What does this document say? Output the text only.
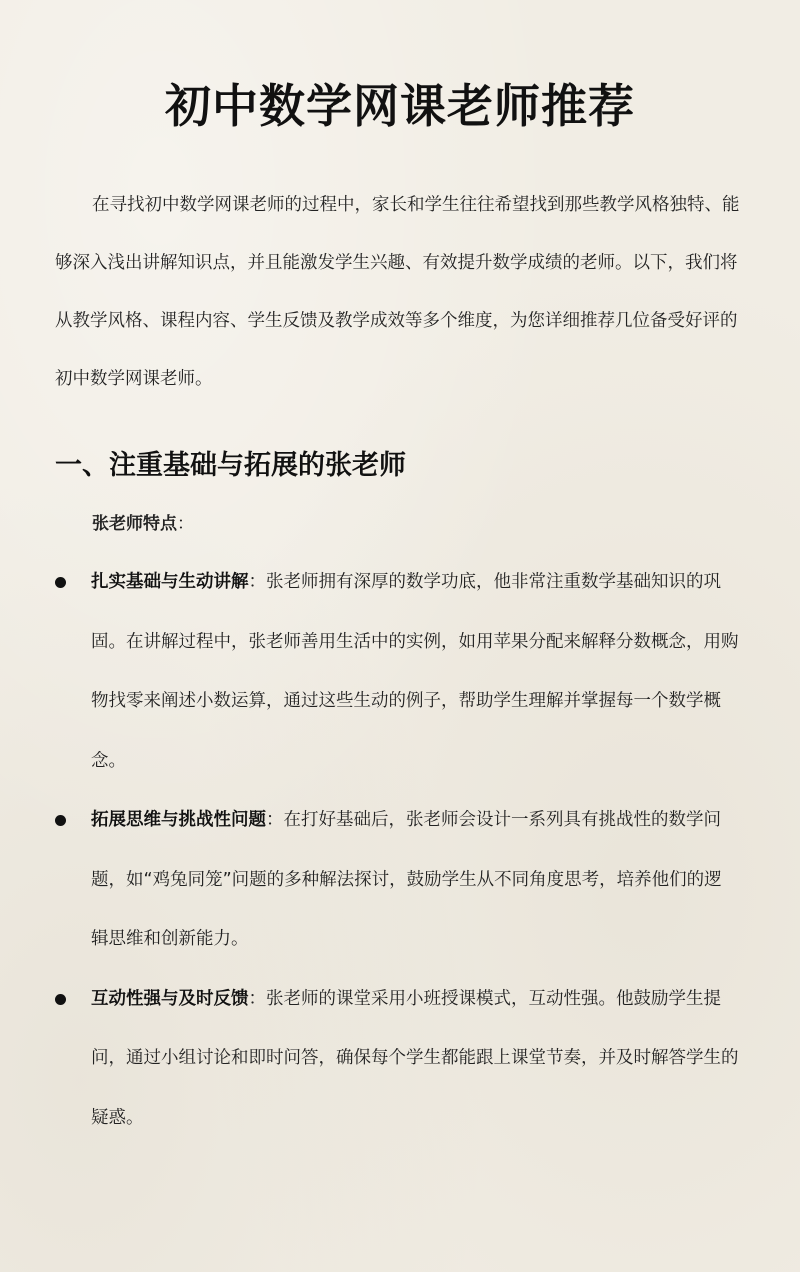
初中数学网课老师推荐

在寻找初中数学网课老师的过程中，家长和学生往往希望找到那些教学风格独特、能够深入浅出讲解知识点，并且能激发学生兴趣、有效提升数学成绩的老师。以下，我们将从教学风格、课程内容、学生反馈及教学成效等多个维度，为您详细推荐几位备受好评的初中数学网课老师。

一、注重基础与拓展的张老师

张老师特点：

扎实基础与生动讲解：张老师拥有深厚的数学功底，他非常注重数学基础知识的巩固。在讲解过程中，张老师善用生活中的实例，如用苹果分配来解释分数概念，用购物找零来阐述小数运算，通过这些生动的例子，帮助学生理解并掌握每一个数学概念。
拓展思维与挑战性问题：在打好基础后，张老师会设计一系列具有挑战性的数学问题，如“鸡兔同笼”问题的多种解法探讨，鼓励学生从不同角度思考，培养他们的逻辑思维和创新能力。
互动性强与及时反馈：张老师的课堂采用小班授课模式，互动性强。他鼓励学生提问，通过小组讨论和即时问答，确保每个学生都能跟上课堂节奏，并及时解答学生的疑惑。
